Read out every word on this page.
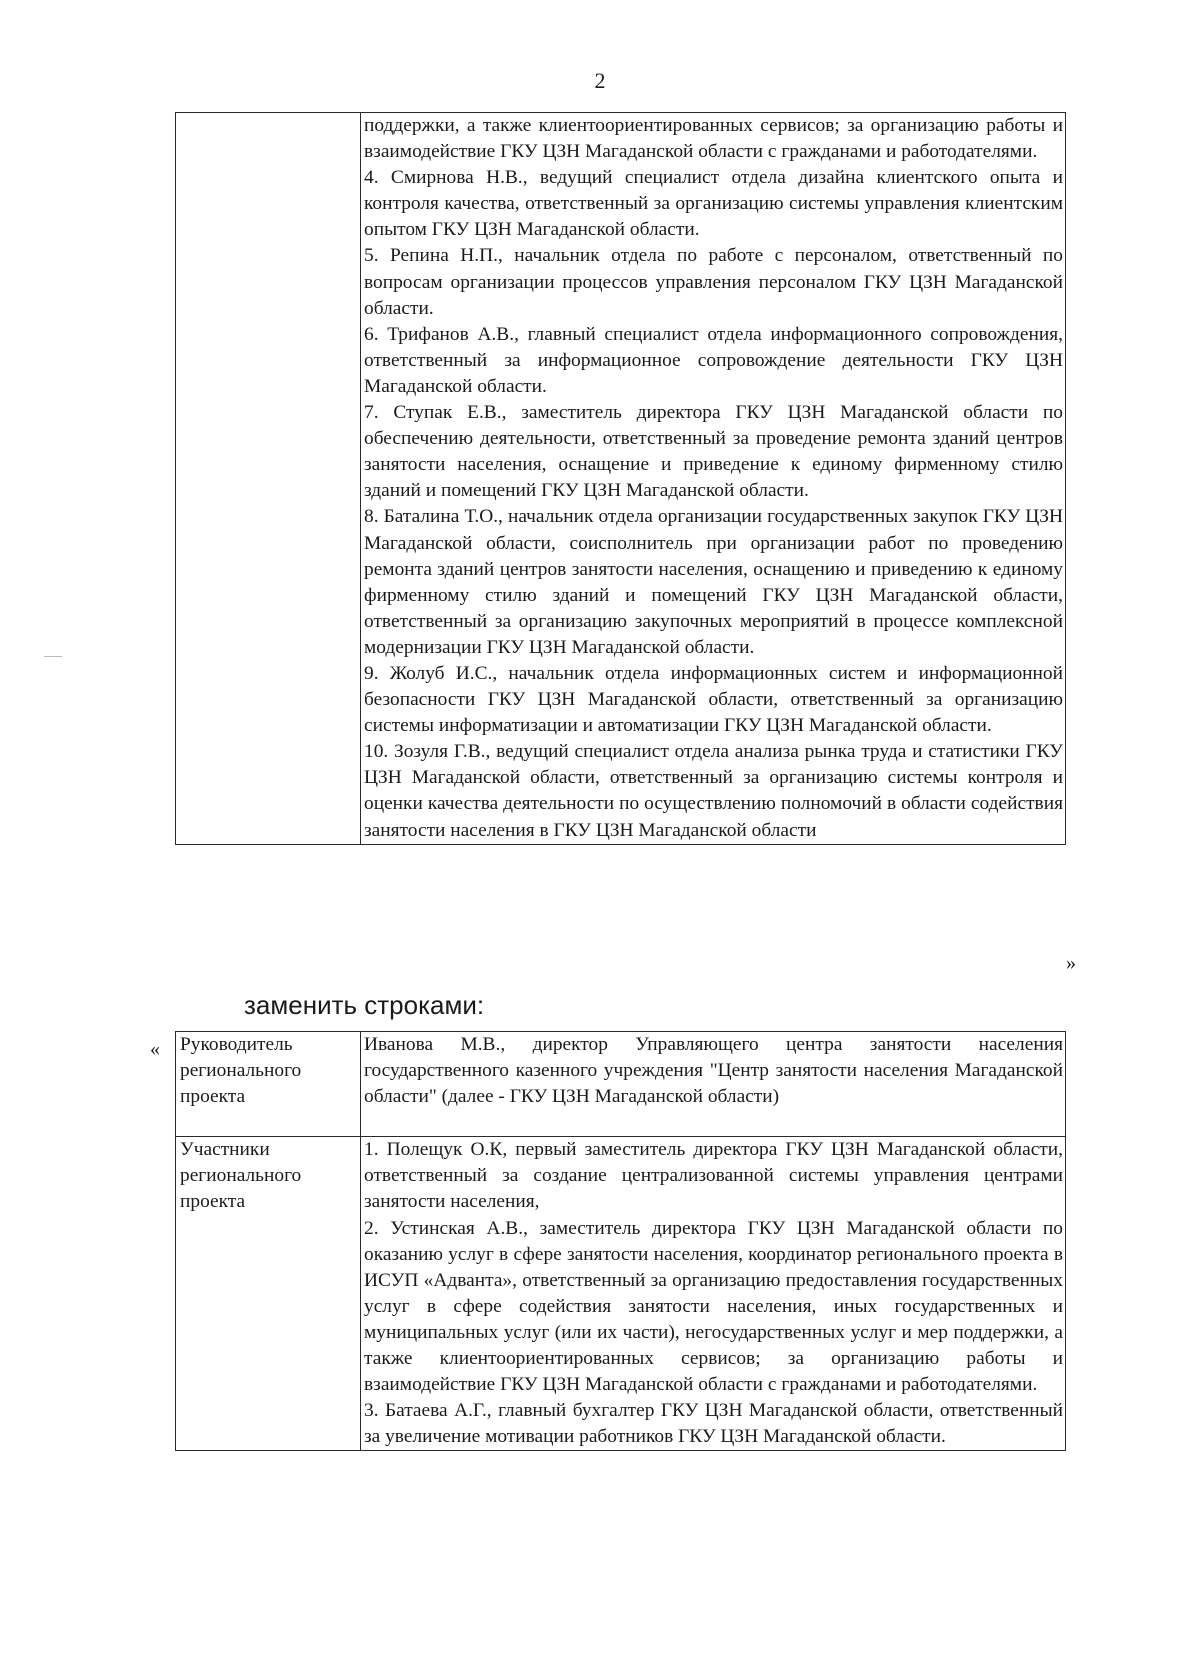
2

поддержки, а также клиентоориентированных сервисов; за организацию работы и взаимодействие ГКУ ЦЗН Магаданской области с гражданами и работодателями.

4. Смирнова Н.В., ведущий специалист отдела дизайна клиентского опыта и контроля качества, ответственный за организацию системы управления клиентским опытом ГКУ ЦЗН Магаданской области.

5. Репина Н.П., начальник отдела по работе с персоналом, ответственный по вопросам организации процессов управления персоналом ГКУ ЦЗН Магаданской области.

6. Трифанов А.В., главный специалист отдела информационного сопровождения, ответственный за информационное сопровождение деятельности ГКУ ЦЗН Магаданской области.

7. Ступак Е.В., заместитель директора ГКУ ЦЗН Магаданской области по обеспечению деятельности, ответственный за проведение ремонта зданий центров занятости населения, оснащение и приведение к единому фирменному стилю зданий и помещений ГКУ ЦЗН Магаданской области.

8. Баталина Т.О., начальник отдела организации государственных закупок ГКУ ЦЗН Магаданской области, соисполнитель при организации работ по проведению ремонта зданий центров занятости населения, оснащению и приведению к единому фирменному стилю зданий и помещений ГКУ ЦЗН Магаданской области, ответственный за организацию закупочных мероприятий в процессе комплексной модернизации ГКУ ЦЗН Магаданской области.

9. Жолуб И.С., начальник отдела информационных систем и информационной безопасности ГКУ ЦЗН Магаданской области, ответственный за организацию системы информатизации и автоматизации ГКУ ЦЗН Магаданской области.

10. Зозуля Г.В., ведущий специалист отдела анализа рынка труда и статистики ГКУ ЦЗН Магаданской области, ответственный за организацию системы контроля и оценки качества деятельности по осуществлению полномочий в области содействия занятости населения в ГКУ ЦЗН Магаданской области

»
заменить строками:
« Руководитель регионального проекта	Иванова М.В., директор Управляющего центра занятости населения государственного казенного учреждения "Центр занятости населения Магаданской области" (далее - ГКУ ЦЗН Магаданской области)

Участники регионального проекта	1. Полещук О.К, первый заместитель директора ГКУ ЦЗН Магаданской области, ответственный за создание централизованной системы управления центрами занятости населения,

2. Устинская А.В., заместитель директора ГКУ ЦЗН Магаданской области по оказанию услуг в сфере занятости населения, координатор регионального проекта в ИСУП «Адванта», ответственный за организацию предоставления государственных услуг в сфере содействия занятости населения, иных государственных и муниципальных услуг (или их части), негосударственных услуг и мер поддержки, а также клиентоориентированных сервисов; за организацию работы и взаимодействие ГКУ ЦЗН Магаданской области с гражданами и работодателями.

3. Батаева А.Г., главный бухгалтер ГКУ ЦЗН Магаданской области, ответственный за увеличение мотивации работников ГКУ ЦЗН Магаданской области.
